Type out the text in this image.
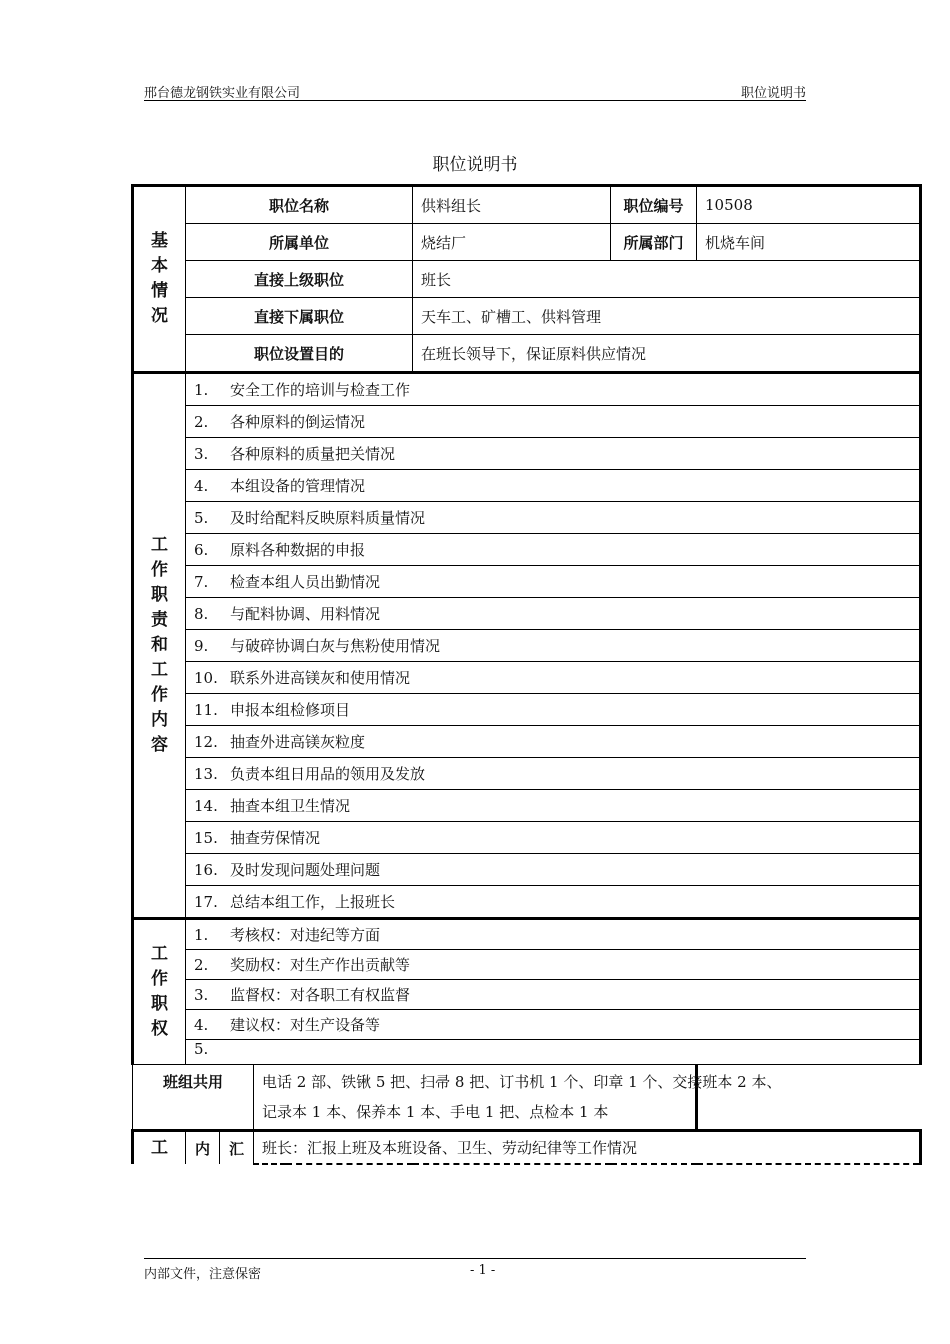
邢台德龙钢铁实业有限公司	职位说明书
职位说明书
基本情况	职位名称			供料组长	职位编号	10508
	所属单位			烧结厂	所属部门	机烧车间
	直接上级职位			班长		
	直接下属职位			天车工、矿槽工、供料管理		
	职位设置目的			在班长领导下，保证原料供应情况		

工作职责和工作内容	1. 安全工作的培训与检查工作					
	2. 各种原料的倒运情况					
	3. 各种原料的质量把关情况					
	4. 本组设备的管理情况					
	5. 及时给配料反映原料质量情况					
	6. 原料各种数据的申报					
	7. 检查本组人员出勤情况					
	8. 与配料协调、用料情况					
	9. 与破碎协调白灰与焦粉使用情况					
	10. 联系外进高镁灰和使用情况					
	11. 申报本组检修项目					
	12. 抽查外进高镁灰粒度					
	13. 负责本组日用品的领用及发放					
	14. 抽查本组卫生情况					
	15. 抽查劳保情况					
	16. 及时发现问题处理问题					
	17. 总结本组工作，上报班长					

工作职权	1. 考核权：对违纪等方面					
	2. 奖励权：对生产作出贡献等					
	3. 监督权：对各职工有权监督					
	4. 建议权：对生产设备等					
	5.					
班组共用			电话 2 部、铁锹 5 把、扫帚 8 把、订书机 1 个、印章 1 个、交接班本 2 本、
记录本 1 本、保养本 1 本、手电 1 把、点检本 1 本			

工	内	汇	班长：汇报上班及本班设备、卫生、劳动纪律等工作情况			
内部文件，注意保密	- 1 -
